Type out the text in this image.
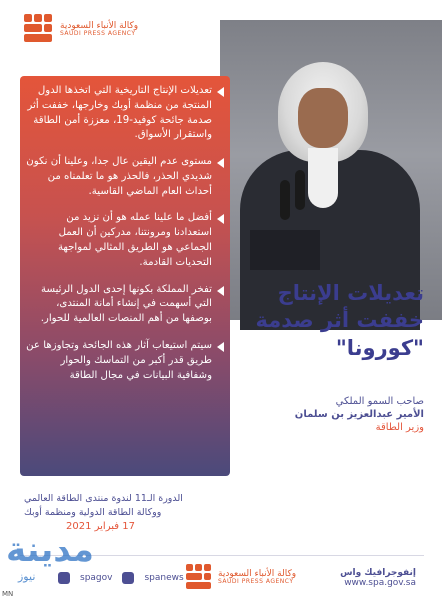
وكالة الأنباء السعودية
SAUDI PRESS AGENCY
تعديلات الإنتاج التاريخية التي اتخذها الدول المنتجة من منظمة أوبك وخارجها، خففت أثر صدمة جائحة كوفيد-19، معززة أمن الطاقة واستقرار الأسواق.
مستوى عدم اليقين عال جدا، وعلينا أن نكون شديدي الحذر، فالحذر هو ما تعلمناه من أحداث العام الماضي القاسية.
أفضل ما علينا عمله هو أن نزيد من استعدادنا ومرونتنا، مدركين أن العمل الجماعي هو الطريق المثالي لمواجهة التحديات القادمة.
تفخر المملكة بكونها إحدى الدول الرئيسة التي أسهمت في إنشاء أمانة المنتدى، بوصفها من أهم المنصات العالمية للحوار.
سيتم استيعاب آثار هذه الجائحة وتجاوزها عن طريق قدر أكبر من التماسك والحوار وشفافية البيانات في مجال الطاقة
تعديلات الإنتاج
خففت أثر صدمة
"كورونا"
صاحب السمو الملكي
الأمير عبدالعزيز بن سلمان
وزير الطاقة
الدورة الـ11 لندوة منتدى الطاقة العالمي
ووكالة الطاقة الدولية ومنظمة أوبك
17 فبراير 2021
spagov	spanews	وكالة الأنباء السعودية
SAUDI PRESS AGENCY
إنفوجرافيك واس
www.spa.gov.sa
مدينة
نيوز
MN
